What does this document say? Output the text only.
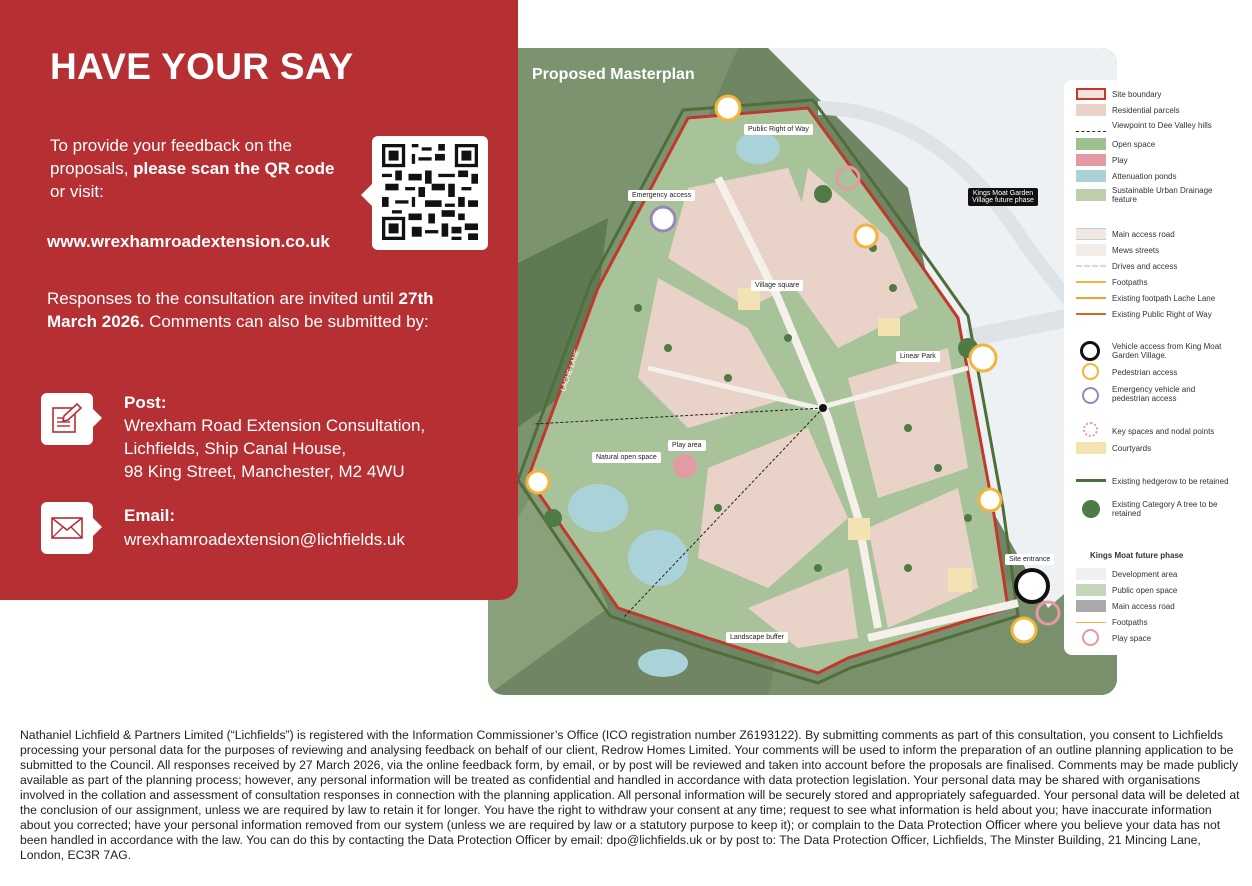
HAVE YOUR SAY

To provide your feedback on the proposals, please scan the QR code or visit:

www.wrexhamroadextension.co.uk

Responses to the consultation are invited until 27th March 2026. Comments can also be submitted by:

Post:
Wrexham Road Extension Consultation,
Lichfields, Ship Canal House,
98 King Street, Manchester, M2 4WU
Email:
wrexhamroadextension@lichfields.uk
Proposed Masterplan
Public Right of Way
Emergency access
Village square
Linear Park
Play area
Natural open space
Landscape buffer
Site entrance
Kings Moat Garden Village future phase
LACHE LANE
Site boundary
Residential parcels
Viewpoint to Dee Valley hills
Open space
Play
Attenuation ponds
Sustainable Urban Drainage feature
Main access road
Mews streets
Drives and access
Footpaths
Existing footpath Lache Lane
Existing Public Right of Way
Vehicle access from King Moat Garden Village.
Pedestrian access
Emergency vehicle and pedestrian access
Key spaces and nodal points
Courtyards
Existing hedgerow to be retained
Existing Category A tree to be retained
Kings Moat future phase
Development area
Public open space
Main access road
Footpaths
Play space

Nathaniel Lichfield & Partners Limited (“Lichfields”) is registered with the Information Commissioner’s Office (ICO registration number Z6193122). By submitting comments as part of this consultation, you consent to Lichfields processing your personal data for the purposes of reviewing and analysing feedback on behalf of our client, Redrow Homes Limited. Your comments will be used to inform the preparation of an outline planning application to be submitted to the Council. All responses received by 27 March 2026, via the online feedback form, by email, or by post will be reviewed and taken into account before the proposals are finalised. Comments may be made publicly available as part of the planning process; however, any personal information will be treated as confidential and handled in accordance with data protection legislation. Your personal data may be shared with organisations involved in the collation and assessment of consultation responses in connection with the planning application. All personal information will be securely stored and appropriately safeguarded. Your personal data will be deleted at the conclusion of our assignment, unless we are required by law to retain it for longer. You have the right to withdraw your consent at any time; request to see what information is held about you; have inaccurate information about you corrected; have your personal information removed from our system (unless we are required by law or a statutory purpose to keep it); or complain to the Data Protection Officer where you believe your data has not been handled in accordance with the law. You can do this by contacting the Data Protection Officer by email: dpo@lichfields.uk or by post to: The Data Protection Officer, Lichfields, The Minster Building, 21 Mincing Lane, London, EC3R 7AG.
